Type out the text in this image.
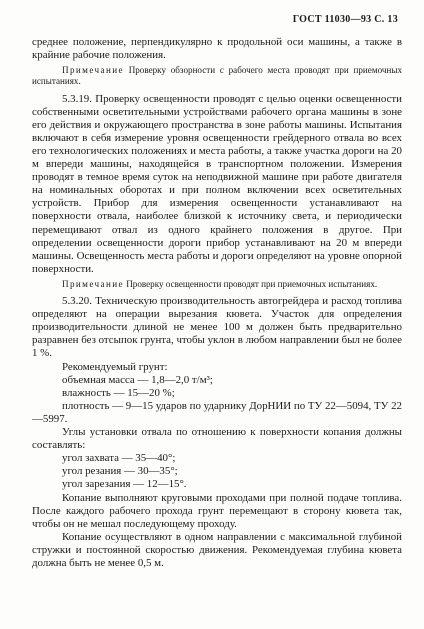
ГОСТ 11030—93 С. 13

среднее положение, перпендикулярно к продольной оси машины, а также в крайние рабочие положения.

Примечание Проверку обзорности с рабочего места проводят при приемочных испытаниях.

5.3.19. Проверку освещенности проводят с целью оценки освещенности собственными осветительными устройствами рабочего органа машины в зоне его действия и окружающего пространства в зоне работы машины. Испытания включают в себя измерение уровня освещенности грейдерного отвала во всех его технологических положениях и места работы, а также участка дороги на 20 м впереди машины, находящейся в транспортном положении. Измерения проводят в темное время суток на неподвижной машине при работе двигателя на номинальных оборотах и при полном включении всех осветительных устройств. Прибор для измерения освещенности устанавливают на поверхности отвала, наиболее близкой к источнику света, и периодически перемещивают отвал из одного крайнего положения в другое. При определении освещенности дороги прибор устанавливают на 20 м впереди машины. Освещенность места работы и дороги определяют на уровне опорной поверхности.

Примечание Проверку освещенности проводят при приемочных испытаниях.

5.3.20. Техническую производительность автогрейдера и расход топлива определяют на операции вырезания кювета. Участок для определения производительности длиной не менее 100 м должен быть предварительно разравнен без отсыпок грунта, чтобы уклон в любом направлении был не более 1 %.

Рекомендуемый грунт:

объемная масса — 1,8—2,0 т/м³;

влажность — 15—20 %;

плотность — 9—15 ударов по ударнику ДорНИИ по ТУ 22—5094, ТУ 22—5997.

Углы установки отвала по отношению к поверхности копания должны составлять:

угол захвата — 35—40°;

угол резания — 30—35°;

угол зарезания — 12—15°.

Копание выполняют круговыми проходами при полной подаче топлива. После каждого рабочего прохода грунт перемещают в сторону кювета так, чтобы он не мешал последующему проходу.

Копание осуществляют в одном направлении с максимальной глубиной стружки и постоянной скоростью движения. Рекомендуемая глубина кювета должна быть не менее 0,5 м.
